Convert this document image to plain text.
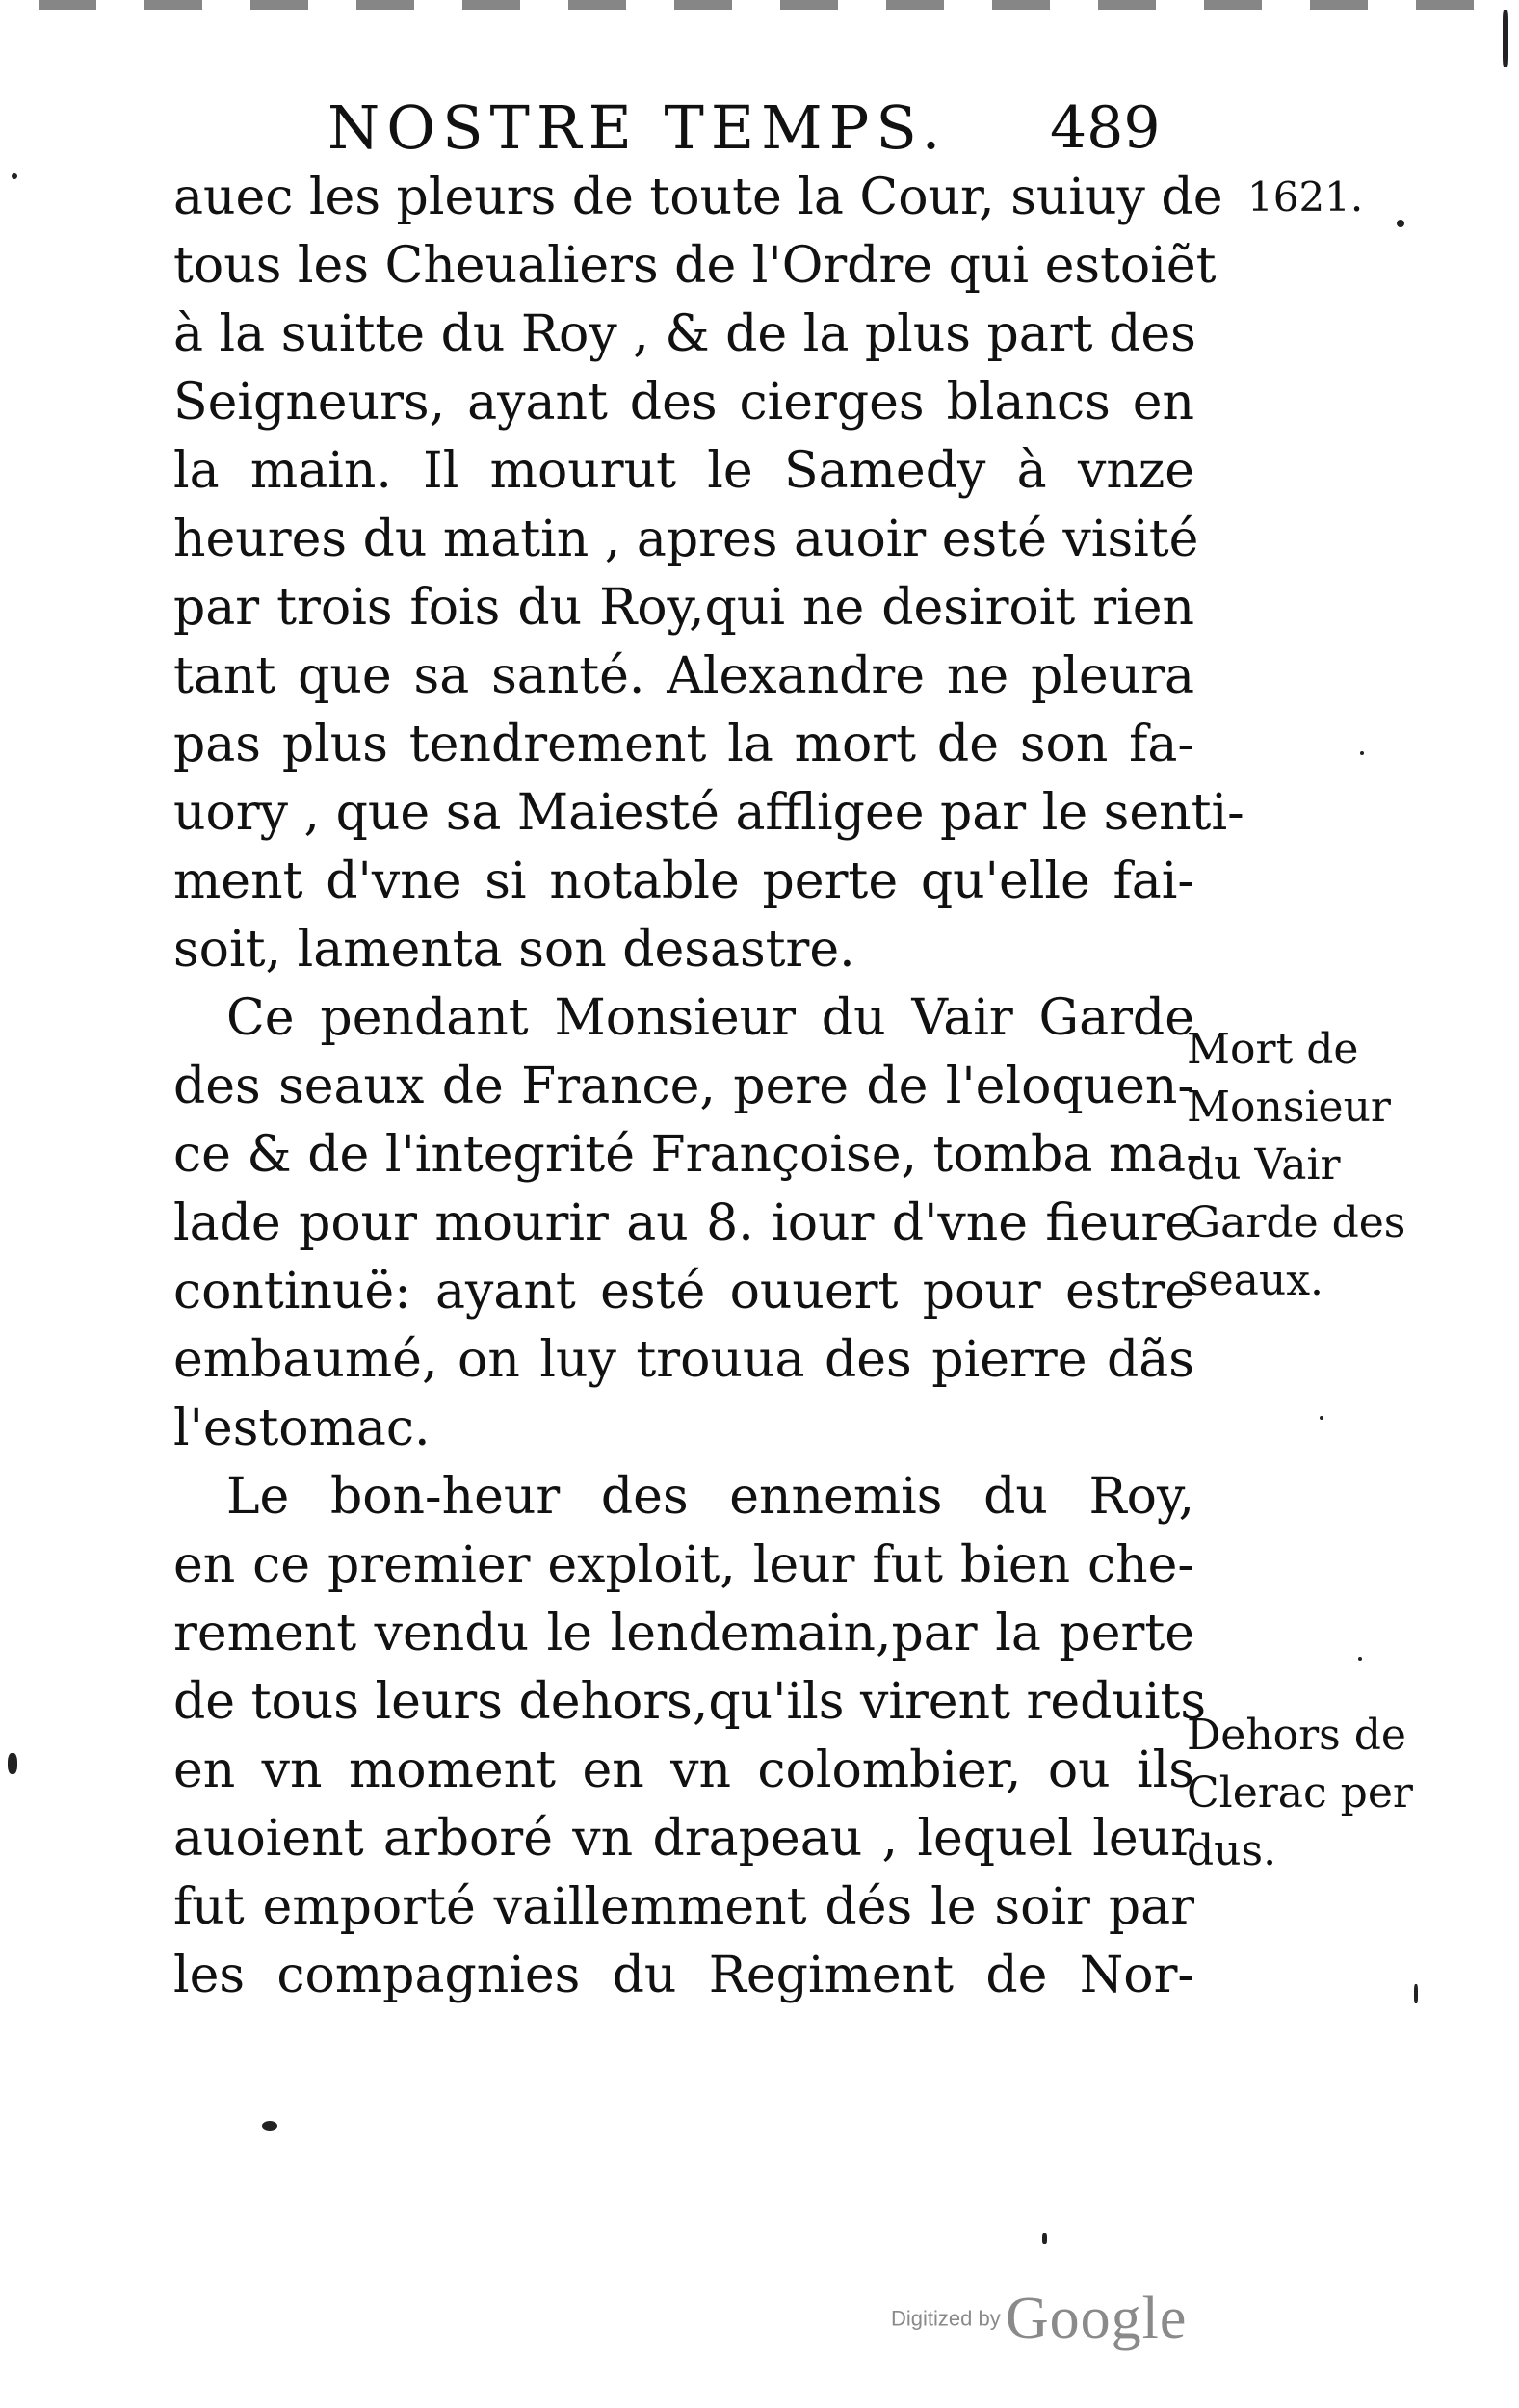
NOSTRE TEMPS. 489
1621.
auec les pleurs de toute la Cour, suiuy de
tous les Cheualiers de l'Ordre qui estoiẽt
à la suitte du Roy , & de la plus part des
Seigneurs, ayant des cierges blancs en
la main. Il mourut le Samedy à vnze
heures du matin , apres auoir esté visité
par trois fois du Roy,qui ne desiroit rien
tant que sa santé. Alexandre ne pleura
pas plus tendrement la mort de son fa-
uory , que sa Maiesté affligee par le senti-
ment d'vne si notable perte qu'elle fai-
soit, lamenta son desastre.
Ce pendant Monsieur du Vair Garde
des seaux de France, pere de l'eloquen-
ce & de l'integrité Françoise, tomba ma-
lade pour mourir au 8. iour d'vne fieure
continuë: ayant esté ouuert pour estre
embaumé, on luy trouua des pierre dãs
l'estomac.
Le bon-heur des ennemis du Roy,
en ce premier exploit, leur fut bien che-
rement vendu le lendemain,par la perte
de tous leurs dehors,qu'ils virent reduits
en vn moment en vn colombier, ou ils
auoient arboré vn drapeau , lequel leur
fut emporté vaillemment dés le soir par
les compagnies du Regiment de Nor-
Mort de
Monsieur
du Vair
Garde des
seaux.
Dehors de
Clerac per
dus.
Digitized by Google
